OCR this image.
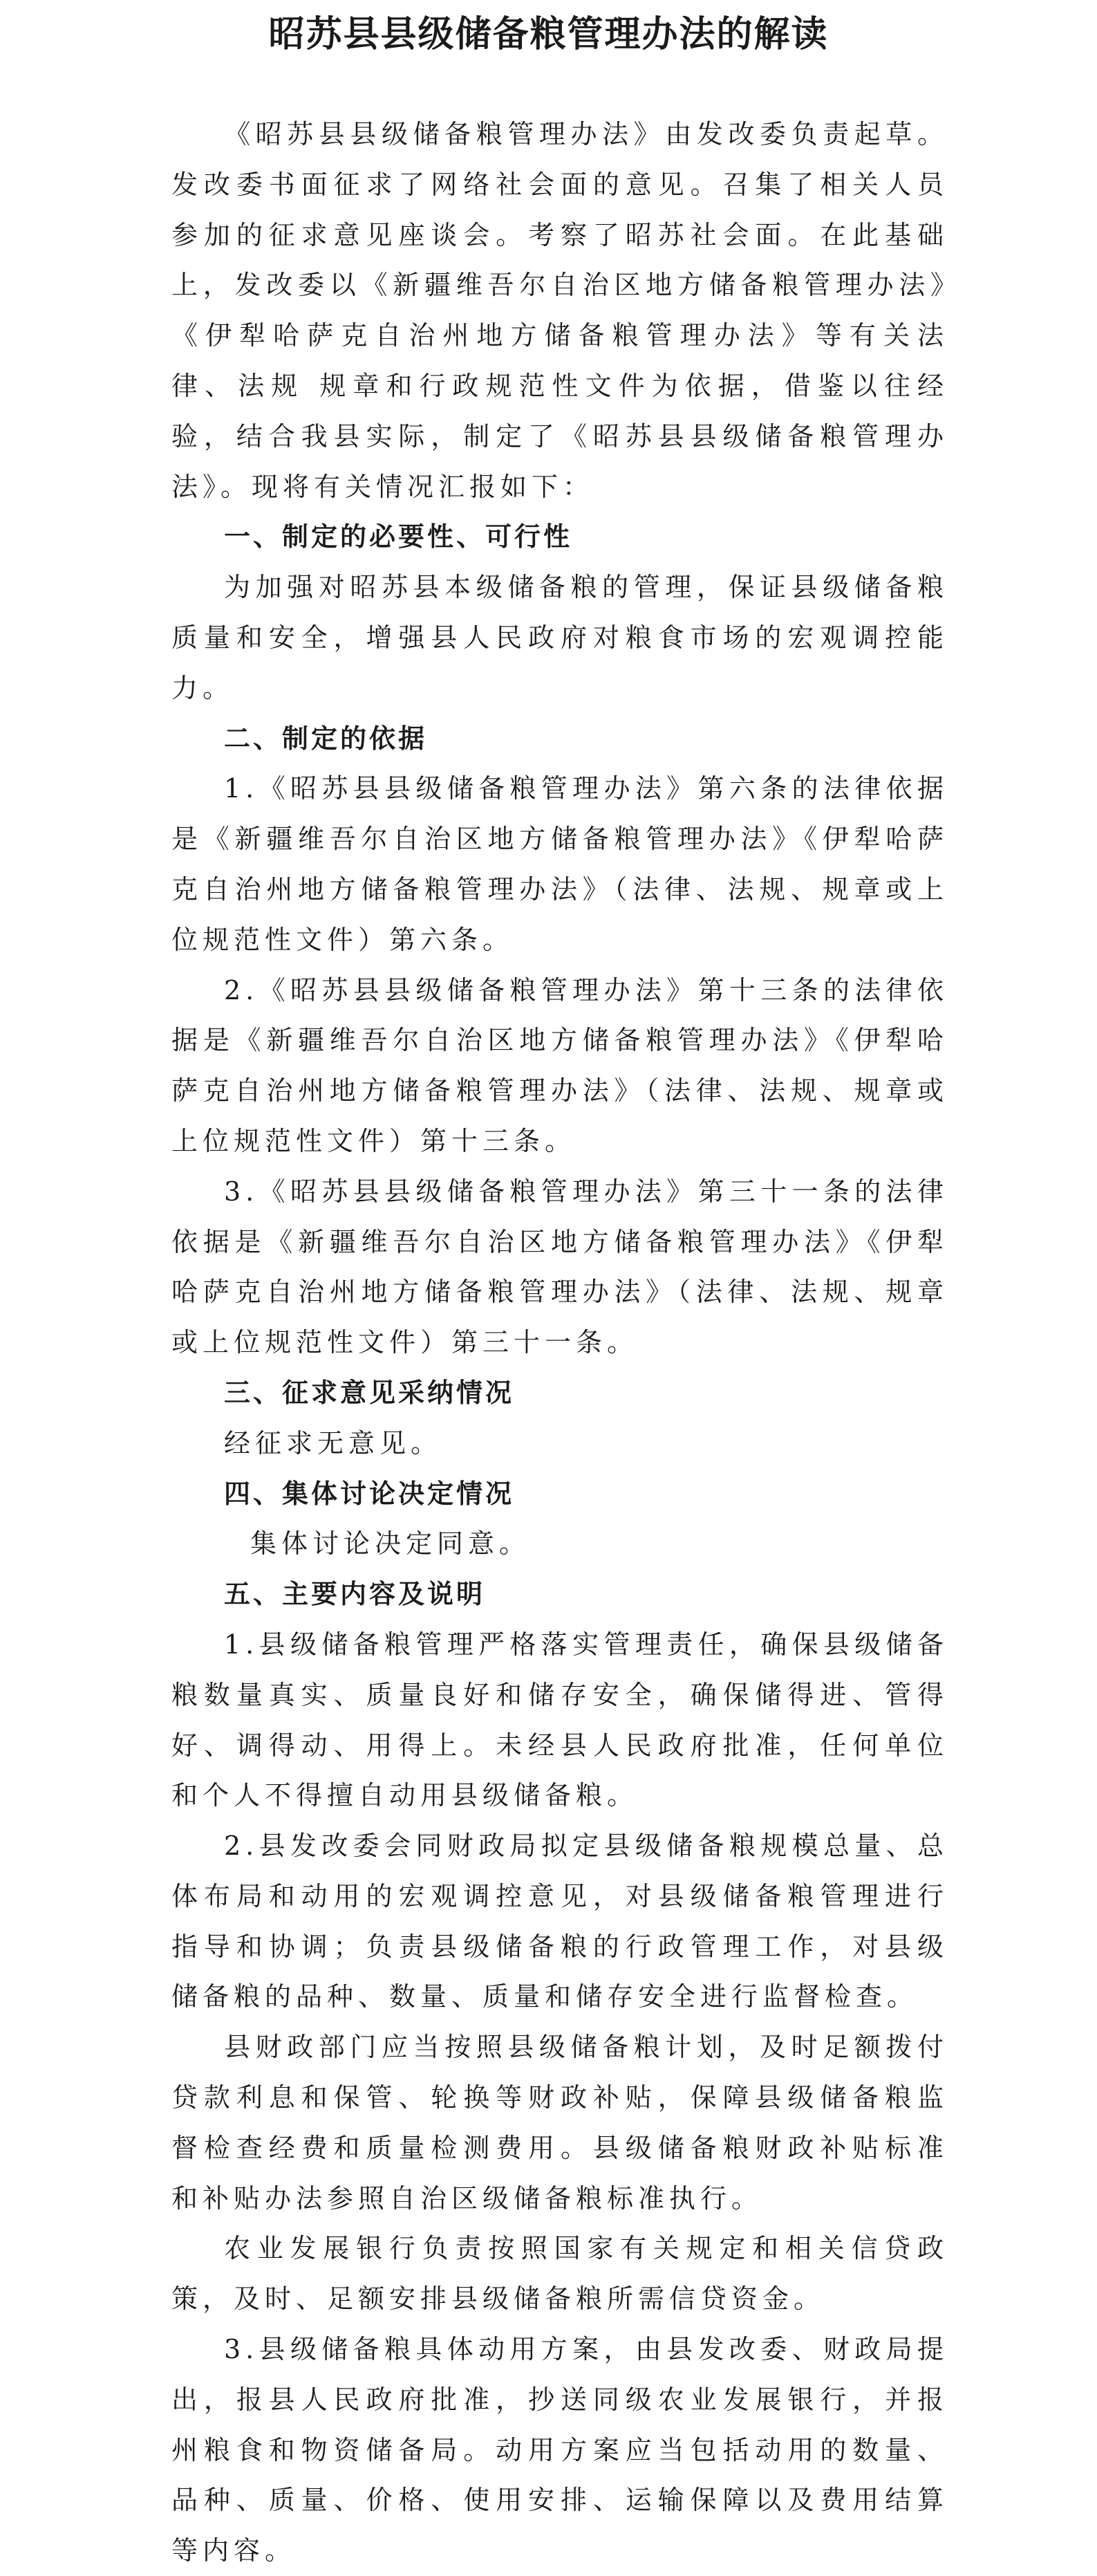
昭苏县县级储备粮管理办法的解读

《昭苏县县级储备粮管理办法》由发改委负责起草。发改委书面征求了网络社会面的意见。召集了相关人员参加的征求意见座谈会。考察了昭苏社会面。在此基础上，发改委以《新疆维吾尔自治区地方储备粮管理办法》《伊犁哈萨克自治州地方储备粮管理办法》等有关法律、法规 规章和行政规范性文件为依据，借鉴以往经验，结合我县实际，制定了《昭苏县县级储备粮管理办法》。现将有关情况汇报如下：

一、制定的必要性、可行性

为加强对昭苏县本级储备粮的管理，保证县级储备粮质量和安全，增强县人民政府对粮食市场的宏观调控能力。

二、制定的依据

1.《昭苏县县级储备粮管理办法》第六条的法律依据是《新疆维吾尔自治区地方储备粮管理办法》《伊犁哈萨克自治州地方储备粮管理办法》（法律、法规、规章或上位规范性文件）第六条。

2.《昭苏县县级储备粮管理办法》第十三条的法律依据是《新疆维吾尔自治区地方储备粮管理办法》《伊犁哈萨克自治州地方储备粮管理办法》（法律、法规、规章或上位规范性文件）第十三条。

3.《昭苏县县级储备粮管理办法》第三十一条的法律依据是《新疆维吾尔自治区地方储备粮管理办法》《伊犁哈萨克自治州地方储备粮管理办法》（法律、法规、规章或上位规范性文件）第三十一条。

三、征求意见采纳情况

经征求无意见。

四、集体讨论决定情况

集体讨论决定同意。

五、主要内容及说明

1.县级储备粮管理严格落实管理责任，确保县级储备粮数量真实、质量良好和储存安全，确保储得进、管得好、调得动、用得上。未经县人民政府批准，任何单位和个人不得擅自动用县级储备粮。

2.县发改委会同财政局拟定县级储备粮规模总量、总体布局和动用的宏观调控意见，对县级储备粮管理进行指导和协调；负责县级储备粮的行政管理工作，对县级储备粮的品种、数量、质量和储存安全进行监督检查。

县财政部门应当按照县级储备粮计划，及时足额拨付贷款利息和保管、轮换等财政补贴，保障县级储备粮监督检查经费和质量检测费用。县级储备粮财政补贴标准和补贴办法参照自治区级储备粮标准执行。

农业发展银行负责按照国家有关规定和相关信贷政策，及时、足额安排县级储备粮所需信贷资金。

3.县级储备粮具体动用方案，由县发改委、财政局提出，报县人民政府批准，抄送同级农业发展银行，并报州粮食和物资储备局。动用方案应当包括动用的数量、品种、质量、价格、使用安排、运输保障以及费用结算等内容。
